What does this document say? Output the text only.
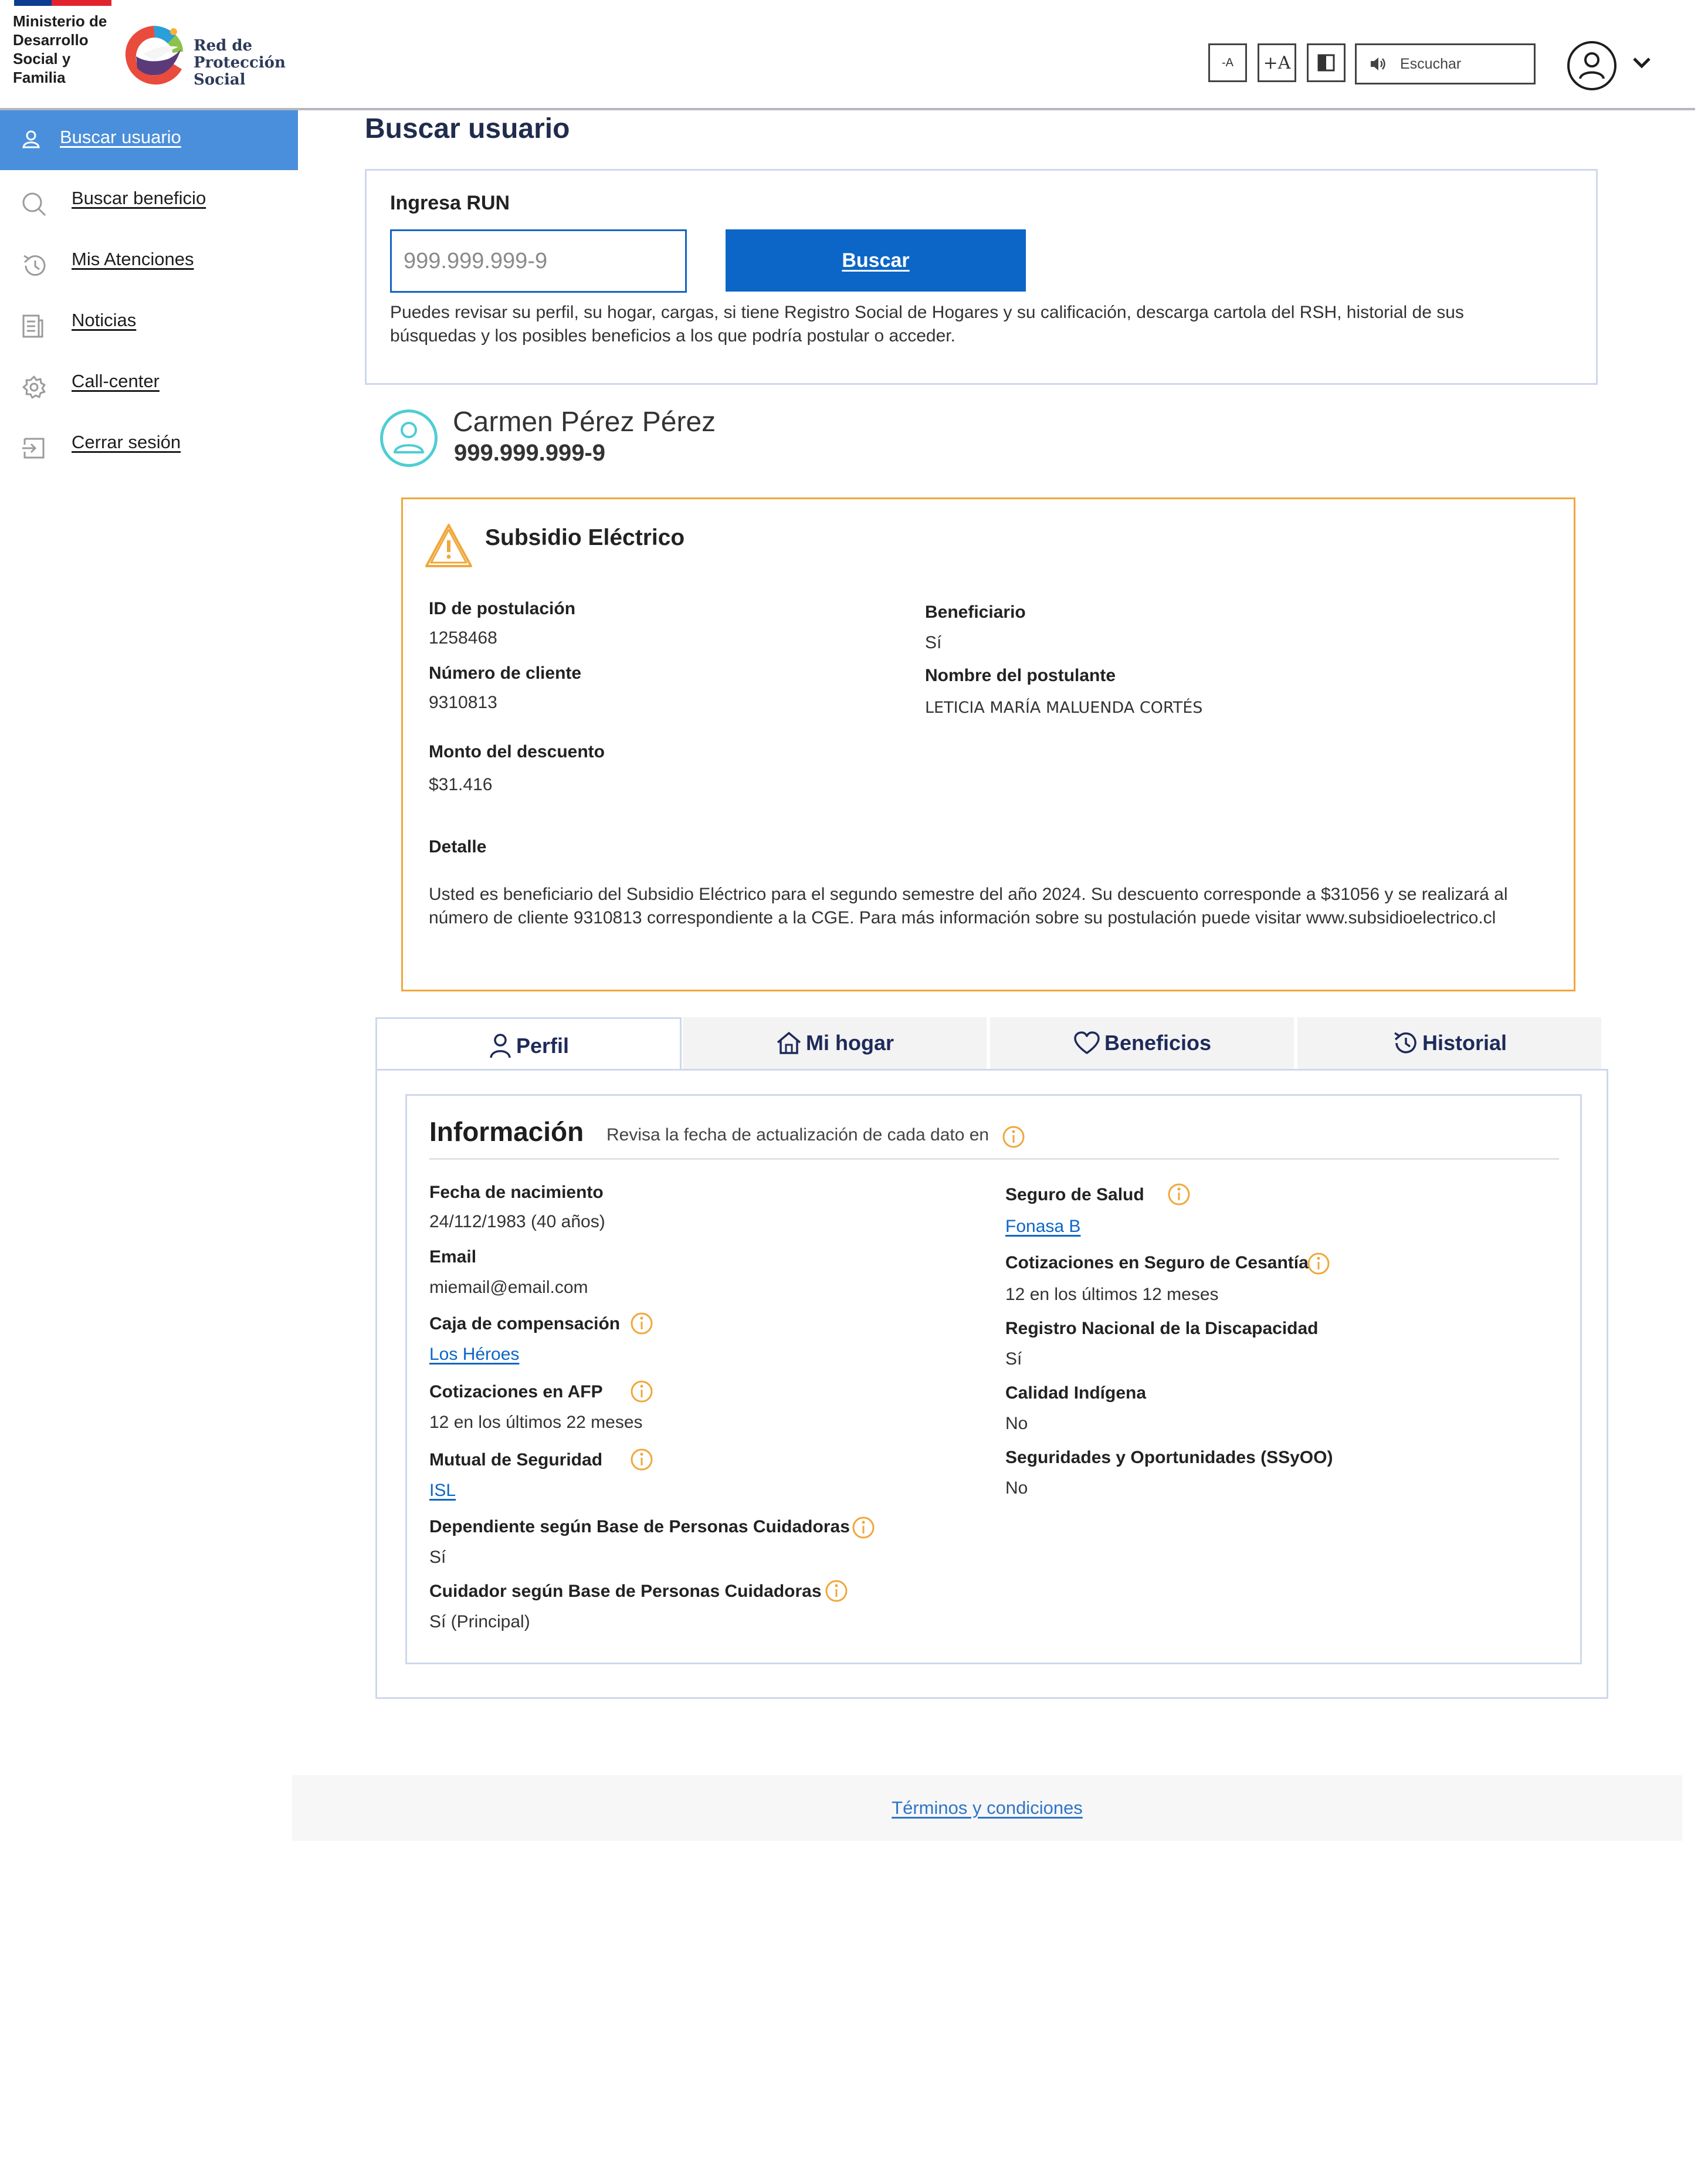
Ministerio de Desarrollo Social y Familia
Red de Protección Social
-A +A	Escuchar
Buscar usuario
Buscar beneficio
Mis Atenciones
Noticias
Call-center
Cerrar sesión
Buscar usuario
Ingresa RUN
999.999.999-9
Buscar
Puedes revisar su perfil, su hogar, cargas, si tiene Registro Social de Hogares y su calificación, descarga cartola del RSH, historial de sus búsquedas y los posibles beneficios a los que podría postular o acceder.
Carmen Pérez Pérez
999.999.999-9
Subsidio Eléctrico
ID de postulación
1258468
Número de cliente
9310813
Monto del descuento
$31.416
Beneficiario
Sí
Nombre del postulante
LETICIA MARÍA MALUENDA CORTÉS
Detalle
Usted es beneficiario del Subsidio Eléctrico para el segundo semestre del año 2024. Su descuento corresponde a $31056 y se realizará al número de cliente 9310813 correspondiente a la CGE. Para más información sobre su postulación puede visitar www.subsidioelectrico.cl
Perfil	Mi hogar	Beneficios	Historial
Información Revisa la fecha de actualización de cada dato en
Fecha de nacimiento
24/112/1983 (40 años)
Email
miemail@email.com
Caja de compensación
Los Héroes
Cotizaciones en AFP
12 en los últimos 22 meses
Mutual de Seguridad
ISL
Dependiente según Base de Personas Cuidadoras
Sí
Cuidador según Base de Personas Cuidadoras
Sí (Principal)
Seguro de Salud
Fonasa B
Cotizaciones en Seguro de Cesantía
12 en los últimos 12 meses
Registro Nacional de la Discapacidad
Sí
Calidad Indígena
No
Seguridades y Oportunidades (SSyOO)
No
Términos y condiciones
